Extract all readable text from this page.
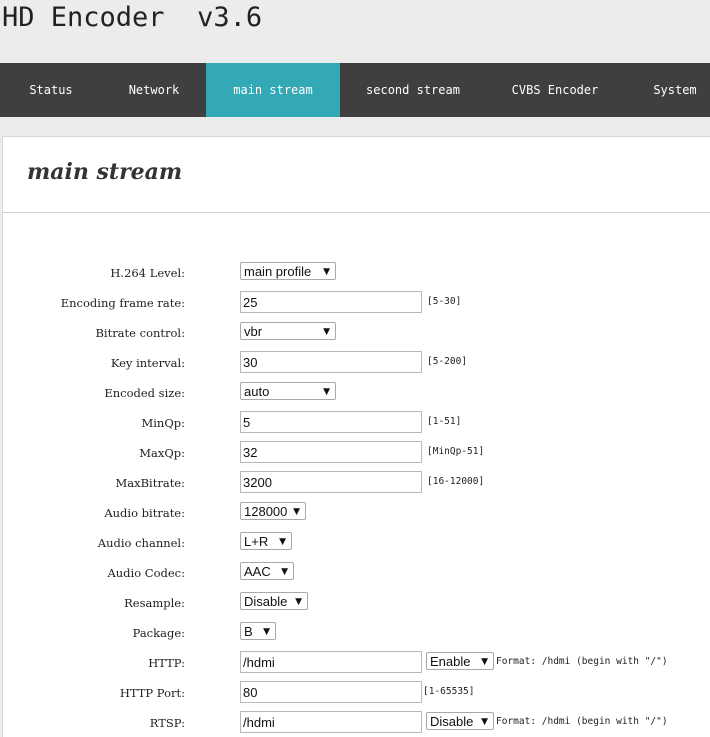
HD Encoder  v3.6
Status	Network	main stream	second stream	CVBS Encoder	System
main stream
H.264 Level:	main profile ▼
Encoding frame rate:
25	[5-30]
Bitrate control:	vbr	▼
Key interval:
30	[5-200]
Encoded size:	auto	▼
MinQp:
5	[1-51]
MaxQp:
32	[MinQp-51]
MaxBitrate:
3200	[16-12000]
Audio bitrate:	128000 ▼
Audio channel:	L+R ▼
Audio Codec:	AAC ▼
Resample:	Disable ▼
Package:	B ▼
HTTP:
/hdmi	Enable ▼ Format: /hdmi (begin with "/")
HTTP Port:
80	[1-65535]
RTSP:
/hdmi	Disable ▼ Format: /hdmi (begin with "/")
